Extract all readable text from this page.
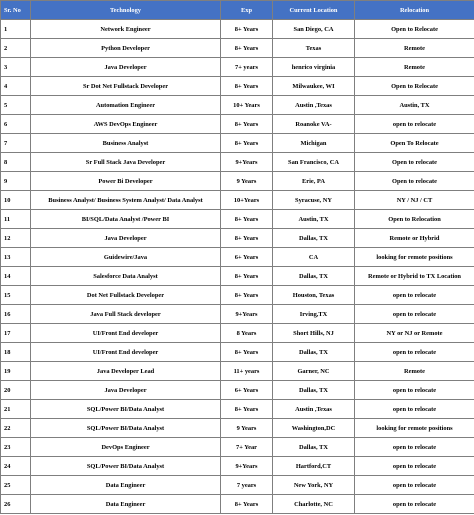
Sr. No	Technology	Exp	Current Location	Relocation
1	Network Engineer	8+ Years	San Diego, CA	Open to Relocate
2	Python Developer	8+ Years	Texas	Remote
3	Java Developer	7+ years	henrico virginia	Remote
4	Sr Dot Net Fullstack Developer	8+ Years	Milwaukee, WI	Open to Relocate
5	Automation Engineer	10+ Years	Austin ,Texas	Austin, TX
6	AWS DevOps Engineer	8+ Years	Roanoke VA-	open to relocate
7	Business Analyst	8+ Years	Michigan	Open To Relocate
8	Sr Full Stack Java Developer	9+Years	San Francisco, CA	Open to relocate
9	Power Bi Developer	9 Years	Erie, PA	Open to relocate
10	Business Analyst/ Business System Analyst/ Data Analyst	10+Years	Syracuse, NY	NY / NJ / CT
11	BI/SQL/Data Analyst /Power BI	8+ Years	Austin, TX	Open to Relocation
12	Java Developer	8+ Years	Dallas, TX	Remote or Hybrid
13	Guidewire/Java	6+ Years	CA	looking for remote positions
14	Salesforce Data Analyst	8+ Years	Dallas, TX	Remote or Hybrid to TX Location
15	Dot Net Fullstack Developer	8+ Years	Houston, Texas	open to relocate
16	Java Full Stack developer	9+Years	Irving,TX	open to relocate
17	UI/Front End developer	8 Years	Short Hills, NJ	NY or NJ or Remote
18	UI/Front End developer	8+ Years	Dallas, TX	open to relocate
19	Java Developer Lead	11+ years	Garner, NC	Remote
20	Java Developer	6+ Years	Dallas, TX	open to relocate
21	SQL/Power BI/Data Analyst	8+ Years	Austin ,Texas	open to relocate
22	SQL/Power BI/Data Analyst	9 Years	Washington,DC	looking for remote positions
23	DevOps Engineer	7+ Year	Dallas, TX	open to relocate
24	SQL/Power BI/Data Analyst	9+Years	Hartford,CT	open to relocate
25	Data Engineer	7 years	New York, NY	open to relocate
26	Data Engineer	8+ Years	Charlotte, NC	open to relocate
